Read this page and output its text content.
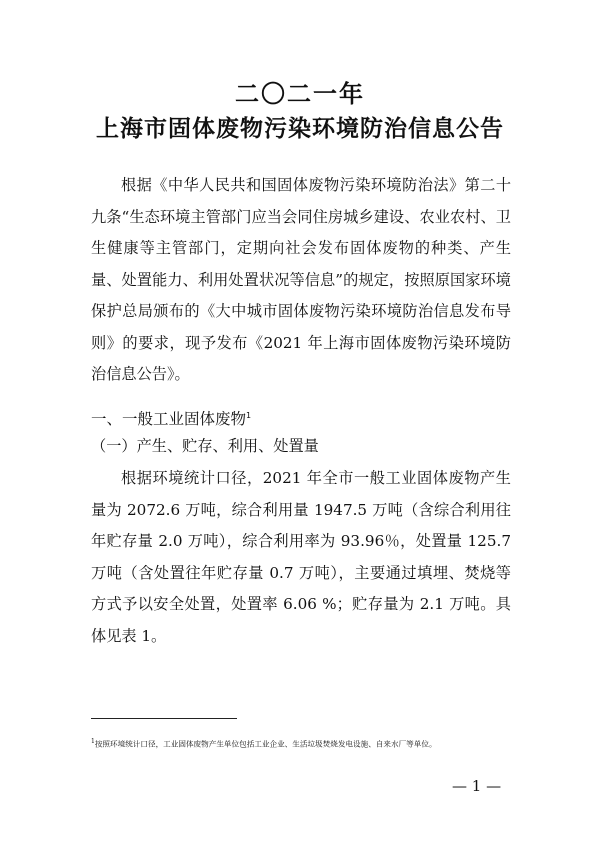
二〇二一年
上海市固体废物污染环境防治信息公告
根据《中华人民共和国固体废物污染环境防治法》第二十九条“生态环境主管部门应当会同住房城乡建设、农业农村、卫生健康等主管部门，定期向社会发布固体废物的种类、产生量、处置能力、利用处置状况等信息”的规定，按照原国家环境保护总局颁布的《大中城市固体废物污染环境防治信息发布导则》的要求，现予发布《2021 年上海市固体废物污染环境防治信息公告》。
一、一般工业固体废物$^1$
（一）产生、贮存、利用、处置量
根据环境统计口径，2021 年全市一般工业固体废物产生量为 2072.6 万吨，综合利用量 1947.5 万吨（含综合利用往年贮存量 2.0 万吨），综合利用率为 93.96％，处置量 125.7 万吨（含处置往年贮存量 0.7 万吨），主要通过填埋、焚烧等方式予以安全处置，处置率 6.06 %；贮存量为 2.1 万吨。具体见表 1。
$^1$按照环境统计口径，工业固体废物产生单位包括工业企业、生活垃圾焚烧发电设施、自来水厂等单位。
— 1 —
